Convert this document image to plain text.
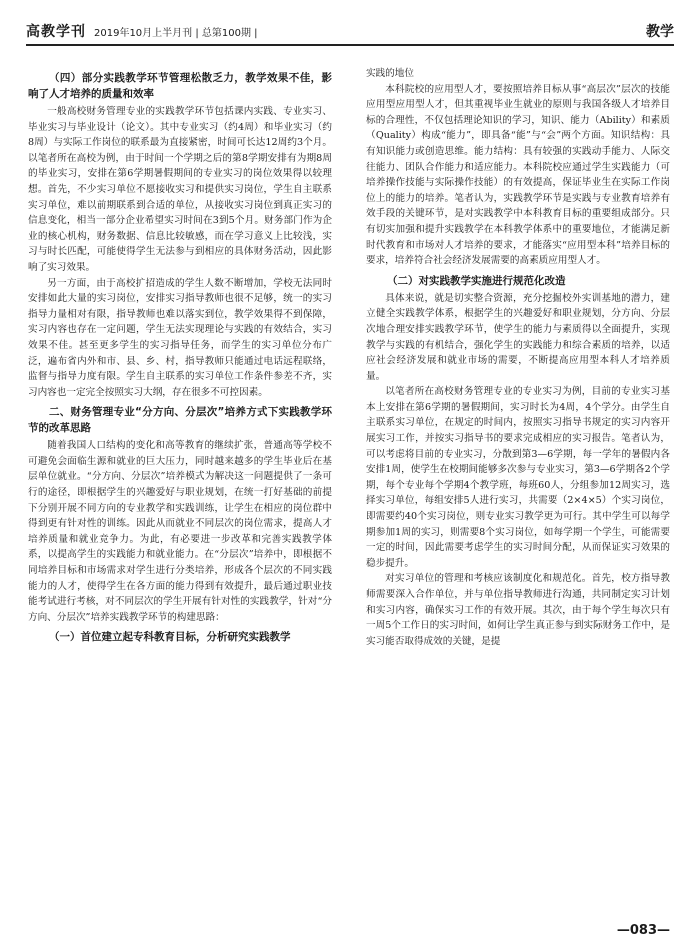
高教学刊 2019年10月上半月刊 | 总第100期 |	教学
（四）部分实践教学环节管理松散乏力，教学效果不佳，影响了人才培养的质量和效率

一般高校财务管理专业的实践教学环节包括课内实践、专业实习、毕业实习与毕业设计（论文）。其中专业实习（约4周）和毕业实习（约8周）与实际工作岗位的联系最为直接紧密，时间可长达12周约3个月。以笔者所在高校为例，由于时间一个学期之后的第8学期安排有为期8周的毕业实习，安排在第6学期暑假期间的专业实习的岗位效果得以较理想。首先，不少实习单位不愿接收实习和提供实习岗位，学生自主联系实习单位，难以前期联系到合适的单位，从接收实习岗位到真正实习的信息变化，相当一部分企业希望实习时间在3到5个月。财务部门作为企业的核心机构，财务数据、信息比较敏感，而在学习意义上比较浅，实习与时长匹配，可能使得学生无法参与到相应的具体财务活动，因此影响了实习效果。

另一方面，由于高校扩招造成的学生人数不断增加，学校无法同时安排如此大量的实习岗位，安排实习指导教师也很不足够，统一的实习指导力量相对有限，指导教师也难以落实到位，教学效果得不到保障，实习内容也存在一定问题，学生无法实现理论与实践的有效结合，实习效果不佳。甚至更多学生的实习指导任务，而学生的实习单位分布广泛，遍布省内外和市、县、乡、村，指导教师只能通过电话远程联络，监督与指导力度有限。学生自主联系的实习单位工作条件参差不齐，实习内容也一定完全按照实习大纲，存在很多不可控因素。

二、财务管理专业“分方向、分层次”培养方式下实践教学环节的改革思路

随着我国人口结构的变化和高等教育的继续扩张，普通高等学校不可避免会面临生源和就业的巨大压力，同时越来越多的学生毕业后在基层单位就业。“分方向、分层次”培养模式为解决这一问题提供了一条可行的途径，即根据学生的兴趣爱好与职业规划，在统一打好基础的前提下分别开展不同方向的专业教学和实践训练，让学生在相应的岗位群中得到更有针对性的训练。因此从而就业不同层次的岗位需求，提高人才培养质量和就业竞争力。为此，有必要进一步改革和完善实践教学体系，以提高学生的实践能力和就业能力。在“分层次”培养中，即根据不同培养目标和市场需求对学生进行分类培养，形成各个层次的不同实践能力的人才，使得学生在各方面的能力得到有效提升，最后通过职业技能考试进行考核，对不同层次的学生开展有针对性的实践教学，针对“分方向、分层次”培养实践教学环节的构建思路：

（一）首位建立起专科教育目标，分析研究实践教学

实践的地位

本科院校的应用型人才，要按照培养目标从事“高层次”层次的技能应用型应用型人才，但其重视毕业生就业的原则与我国各级人才培养目标的合理性，不仅包括理论知识的学习，知识、能力（Ability）和素质（Quality）构成“能力”，即具备“能”与“会”两个方面。知识结构：具有知识能力或创造思维。能力结构：具有较强的实践动手能力、人际交往能力、团队合作能力和适应能力。本科院校应通过学生实践能力（可培养操作技能与实际操作技能）的有效提高，保证毕业生在实际工作岗位上的能力的培养。笔者认为，实践教学环节是实践与专业教育培养有效手段的关键环节，是对实践教学中本科教育目标的重要组成部分。只有切实加强和提升实践教学在本科教学体系中的重要地位，才能满足新时代教育和市场对人才培养的要求，才能落实“应用型本科”培养目标的要求，培养符合社会经济发展需要的高素质应用型人才。

（二）对实践教学实施进行规范化改造

具体来说，就是切实整合资源，充分挖掘校外实训基地的潜力，建立健全实践教学体系，根据学生的兴趣爱好和职业规划，分方向、分层次地合理安排实践教学环节，使学生的能力与素质得以全面提升，实现教学与实践的有机结合，强化学生的实践能力和综合素质的培养，以适应社会经济发展和就业市场的需要，不断提高应用型本科人才培养质量。

以笔者所在高校财务管理专业的专业实习为例，目前的专业实习基本上安排在第6学期的暑假期间，实习时长为4周，4个学分。由学生自主联系实习单位，在规定的时间内，按照实习指导书规定的实习内容开展实习工作，并按实习指导书的要求完成相应的实习报告。笔者认为，可以考虑将目前的专业实习，分散到第3—6学期，每一学年的暑假内各安排1周，使学生在校期间能够多次参与专业实习，第3—6学期各2个学期，每个专业每个学期4个教学班，每班60人，分组参加12周实习，选择实习单位，每组安排5人进行实习，共需要（2×4×5）个实习岗位，即需要约40个实习岗位，则专业实习教学更为可行。其中学生可以每学期参加1周的实习，则需要8个实习岗位，如每学期一个学生，可能需要一定的时间，因此需要考虑学生的实习时间分配，从而保证实习效果的稳步提升。

对实习单位的管理和考核应该制度化和规范化。首先，校方指导教师需要深入合作单位，并与单位指导教师进行沟通，共同制定实习计划和实习内容，确保实习工作的有效开展。其次，由于每个学生每次只有一周5个工作日的实习时间，如何让学生真正参与到实际财务工作中，是实习能否取得成效的关键，是提

—083—
